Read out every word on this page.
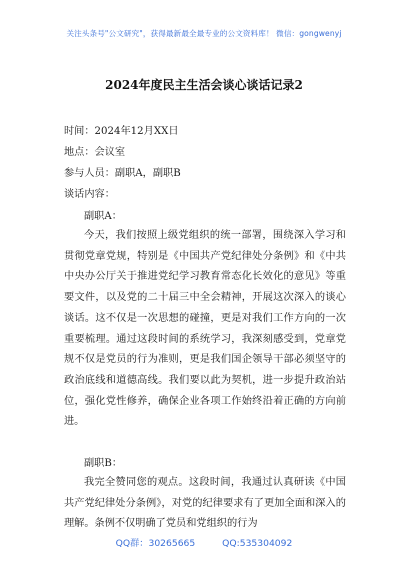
关注头条号"公文研究"，获得最新最全最专业的公文资料库！ 微信：gongwenyj
2024年度民主生活会谈心谈话记录2
时间：2024年12月XX日
地点：会议室
参与人员：副职A，副职B
谈话内容：
副职A：
今天，我们按照上级党组织的统一部署，围绕深入学习和贯彻党章党规，特别是《中国共产党纪律处分条例》和《中共中央办公厅关于推进党纪学习教育常态化长效化的意见》等重要文件，以及党的二十届三中全会精神，开展这次深入的谈心谈话。这不仅是一次思想的碰撞，更是对我们工作方向的一次重要梳理。通过这段时间的系统学习，我深刻感受到，党章党规不仅是党员的行为准则，更是我们国企领导干部必须坚守的政治底线和道德高线。我们要以此为契机，进一步提升政治站位，强化党性修养，确保企业各项工作始终沿着正确的方向前进。
副职B：
我完全赞同您的观点。这段时间，我通过认真研读《中国共产党纪律处分条例》，对党的纪律要求有了更加全面和深入的理解。条例不仅明确了党员和党组织的行为
QQ群：30265665	QQ:535304092
